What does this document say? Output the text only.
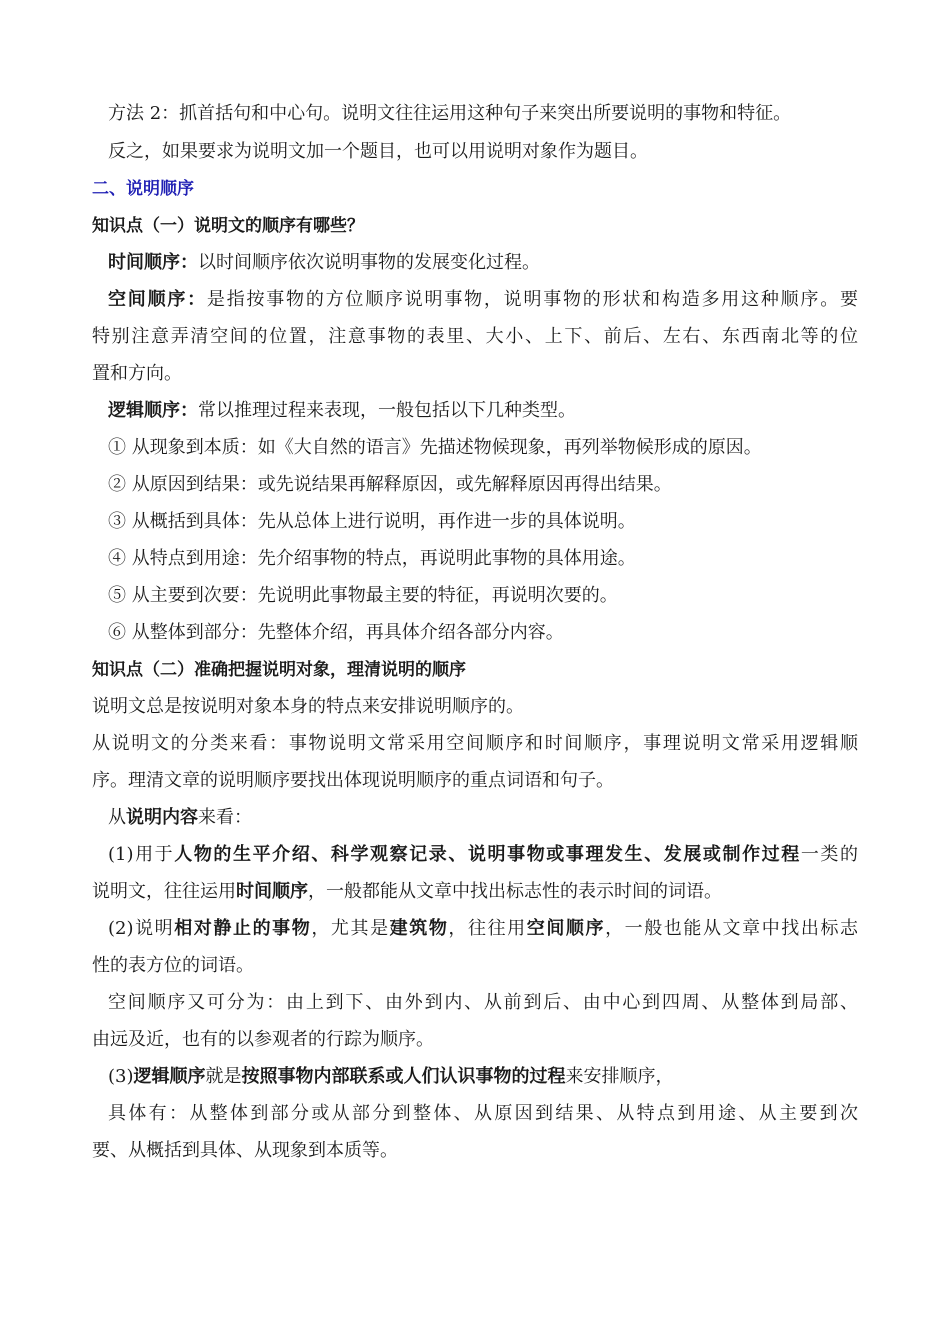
方法 2：抓首括句和中心句。说明文往往运用这种句子来突出所要说明的事物和特征。
反之，如果要求为说明文加一个题目，也可以用说明对象作为题目。
二、说明顺序
知识点（一）说明文的顺序有哪些？
时间顺序：以时间顺序依次说明事物的发展变化过程。
空间顺序：是指按事物的方位顺序说明事物，说明事物的形状和构造多用这种顺序。要
特别注意弄清空间的位置，注意事物的表里、大小、上下、前后、左右、东西南北等的位
置和方向。
逻辑顺序：常以推理过程来表现，一般包括以下几种类型。
① 从现象到本质：如《大自然的语言》先描述物候现象，再列举物候形成的原因。
② 从原因到结果：或先说结果再解释原因，或先解释原因再得出结果。
③ 从概括到具体：先从总体上进行说明，再作进一步的具体说明。
④ 从特点到用途：先介绍事物的特点，再说明此事物的具体用途。
⑤ 从主要到次要：先说明此事物最主要的特征，再说明次要的。
⑥ 从整体到部分：先整体介绍，再具体介绍各部分内容。
知识点（二）准确把握说明对象，理清说明的顺序
说明文总是按说明对象本身的特点来安排说明顺序的。
从说明文的分类来看：事物说明文常采用空间顺序和时间顺序，事理说明文常采用逻辑顺
序。理清文章的说明顺序要找出体现说明顺序的重点词语和句子。
从说明内容来看：
(1)用于人物的生平介绍、科学观察记录、说明事物或事理发生、发展或制作过程一类的
说明文，往往运用时间顺序，一般都能从文章中找出标志性的表示时间的词语。
(2)说明相对静止的事物，尤其是建筑物，往往用空间顺序，一般也能从文章中找出标志
性的表方位的词语。
空间顺序又可分为：由上到下、由外到内、从前到后、由中心到四周、从整体到局部、
由远及近，也有的以参观者的行踪为顺序。
(3)逻辑顺序就是按照事物内部联系或人们认识事物的过程来安排顺序，
具体有：从整体到部分或从部分到整体、从原因到结果、从特点到用途、从主要到次
要、从概括到具体、从现象到本质等。
